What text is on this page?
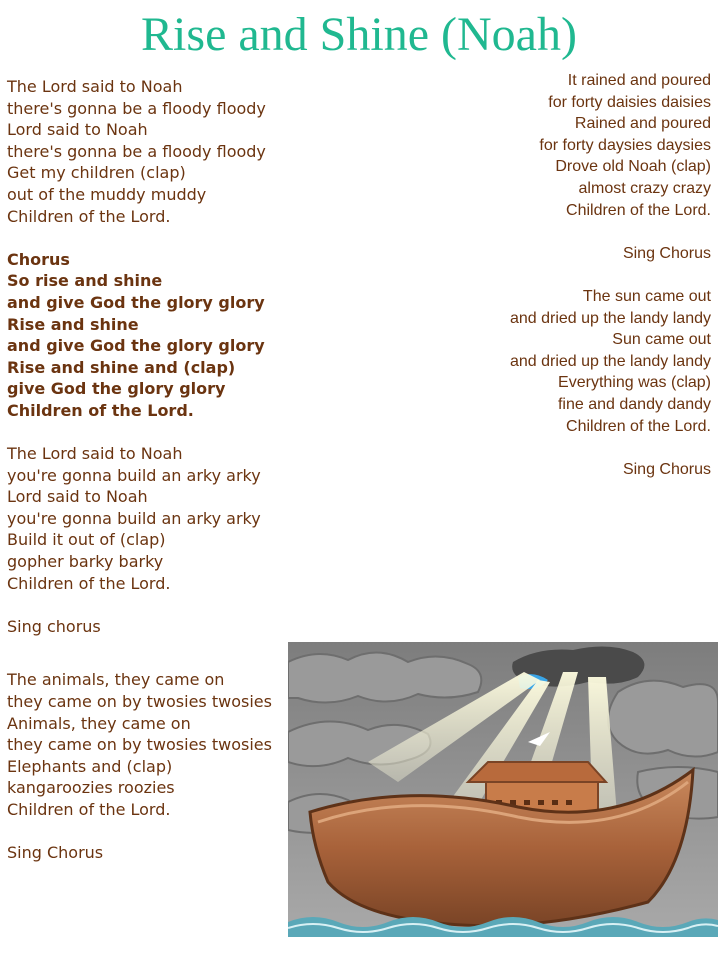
Rise and Shine (Noah)
The Lord said to Noah
there's gonna be a floody floody
Lord said to Noah
there's gonna be a floody floody
Get my children (clap)
out of the muddy muddy
Children of the Lord.
Chorus
So rise and shine
and give God the glory glory
Rise and shine
and give God the glory glory
Rise and shine and (clap)
give God the glory glory
Children of the Lord.
The Lord said to Noah
you're gonna build an arky arky
Lord said to Noah
you're gonna build an arky arky
Build it out of (clap)
gopher barky barky
Children of the Lord.
Sing chorus
The animals, they came on
they came on by twosies twosies
Animals, they came on
they came on by twosies twosies
Elephants and (clap)
kangaroozies roozies
Children of the Lord.
Sing Chorus
It rained and poured
for forty daisies daisies
Rained and poured
for forty daysies daysies
Drove old Noah (clap)
almost crazy crazy
Children of the Lord.
Sing Chorus
The sun came out
and dried up the landy landy
Sun came out
and dried up the landy landy
Everything was (clap)
fine and dandy dandy
Children of the Lord.
Sing Chorus
